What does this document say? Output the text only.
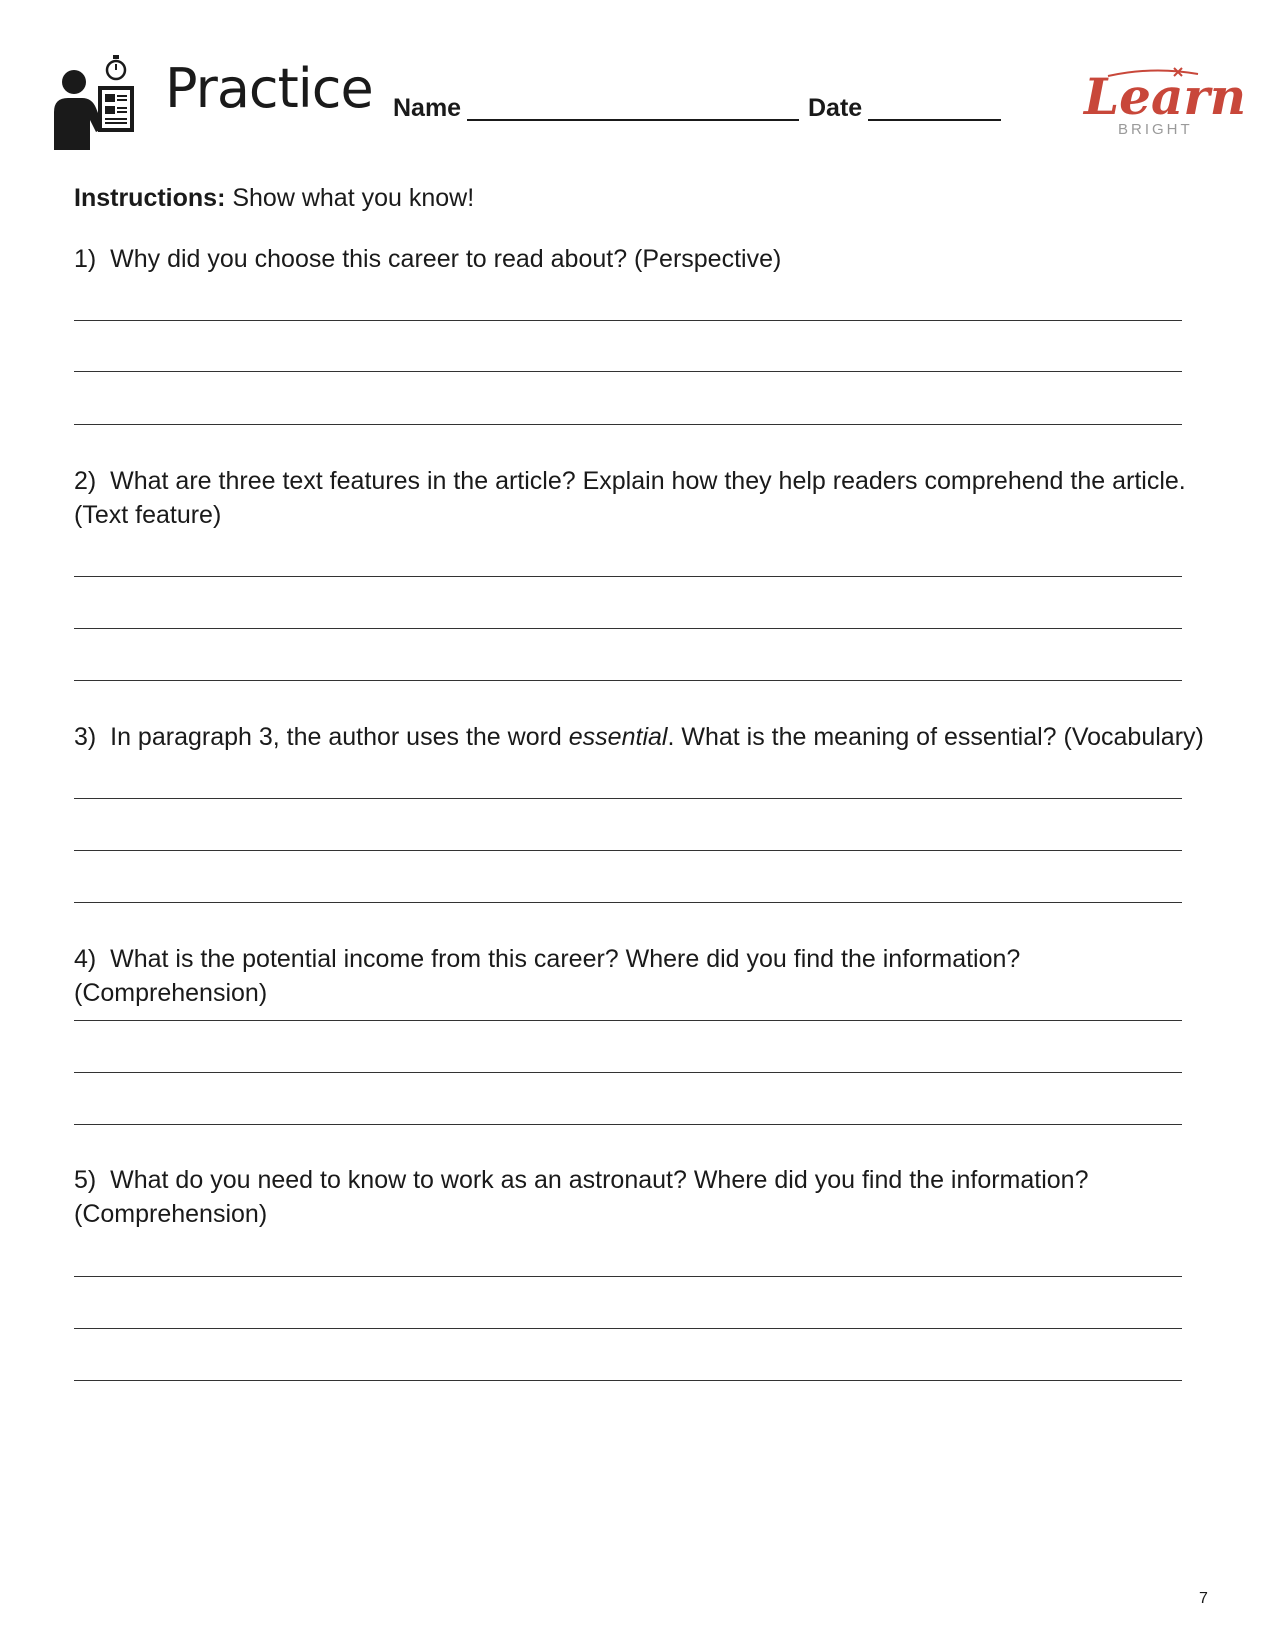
Practice Name	Date	Learn
BRIGHT
Instructions: Show what you know!
1) Why did you choose this career to read about? (Perspective)
2) What are three text features in the article? Explain how they help readers comprehend the article. (Text feature)
3) In paragraph 3, the author uses the word essential. What is the meaning of essential? (Vocabulary)
4) What is the potential income from this career? Where did you find the information? (Comprehension)
5) What do you need to know to work as an astronaut? Where did you find the information? (Comprehension)
7
